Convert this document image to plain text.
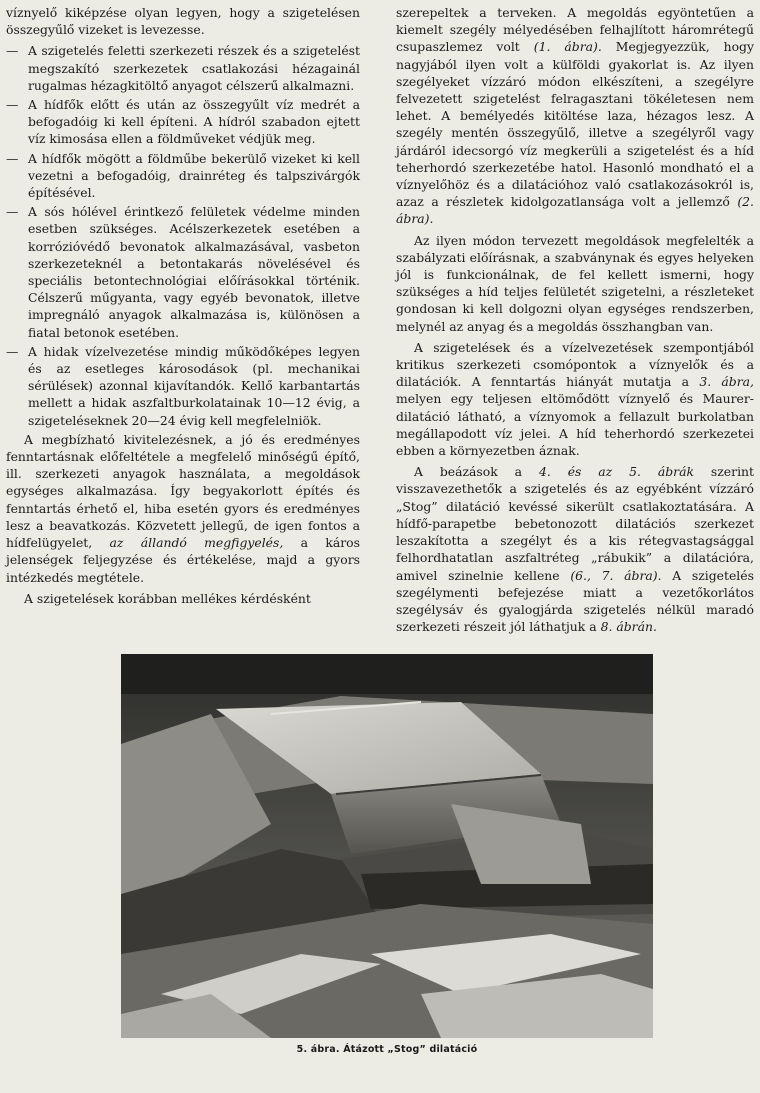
víznyelő kiképzése olyan legyen, hogy a szigetelésen összegyűlő vizeket is levezesse.

— A szigetelés feletti szerkezeti részek és a szigetelést megszakító szerkezetek csatlakozási hézagainál rugalmas hézagkitöltő anyagot célszerű alkalmazni.
— A hídfők előtt és után az összegyűlt víz medrét a befogadóig ki kell építeni. A hídról szabadon ejtett víz kimosása ellen a földműveket védjük meg.
— A hídfők mögött a földműbe bekerülő vizeket ki kell vezetni a befogadóig, drainréteg és talpszivárgók építésével.
— A sós hólével érintkező felületek védelme minden esetben szükséges. Acélszerkezetek esetében a korrózióvédő bevonatok alkalmazásával, vasbeton szerkezeteknél a betontakarás növelésével és speciális betontechnológiai előírásokkal történik. Célszerű műgyanta, vagy egyéb bevonatok, illetve impregnáló anyagok alkalmazása is, különösen a fiatal betonok esetében.
— A hidak vízelvezetése mindig működőképes legyen és az esetleges károsodások (pl. mechanikai sérülések) azonnal kijavítandók. Kellő karbantartás mellett a hidak aszfaltburkolatainak 10—12 évig, a szigeteléseknek 20—24 évig kell megfelelniök.

A megbízható kivitelezésnek, a jó és eredményes fenntartásnak előfeltétele a megfelelő minőségű építő, ill. szerkezeti anyagok használata, a megoldások egységes alkalmazása. Így begyakorlott építés és fenntartás érhető el, hiba esetén gyors és eredményes lesz a beavatkozás. Közvetett jellegű, de igen fontos a hídfelügyelet, az állandó megfigyelés, a káros jelenségek feljegyzése és értékelése, majd a gyors intézkedés megtétele.

A szigetelések korábban mellékes kérdésként

szerepeltek a terveken. A megoldás egyöntetűen a kiemelt szegély mélyedésében felhajlított háromrétegű csupaszlemez volt (1. ábra). Megjegyezzük, hogy nagyjából ilyen volt a külföldi gyakorlat is. Az ilyen szegélyeket vízzáró módon elkészíteni, a szegélyre felvezetett szigetelést felragasztani tökéletesen nem lehet. A bemélyedés kitöltése laza, hézagos lesz. A szegély mentén összegyűlő, illetve a szegélyről vagy járdáról idecsorgó víz megkerüli a szigetelést és a híd teherhordó szerkezetébe hatol. Hasonló mondható el a víznyelőhöz és a dilatációhoz való csatlakozásokról is, azaz a részletek kidolgozatlansága volt a jellemző (2. ábra).

Az ilyen módon tervezett megoldások megfelelték a szabályzati előírásnak, a szabványnak és egyes helyeken jól is funkcionálnak, de fel kellett ismerni, hogy szükséges a híd teljes felületét szigetelni, a részleteket gondosan ki kell dolgozni olyan egységes rendszerben, melynél az anyag és a megoldás összhangban van.

A szigetelések és a vízelvezetések szempontjából kritikus szerkezeti csomópontok a víznyelők és a dilatációk. A fenntartás hiányát mutatja a 3. ábra, melyen egy teljesen eltömődött víznyelő és Maurer-dilatáció látható, a víznyomok a fellazult burkolatban megállapodott víz jelei. A híd teherhordó szerkezetei ebben a környezetben áznak.

A beázások a 4. és az 5. ábrák szerint visszavezethetők a szigetelés és az egyébként vízzáró „Stog” dilatáció kevéssé sikerült csatlakoztatására. A hídfő-parapetbe bebetonozott dilatációs szerkezet leszakította a szegélyt és a kis rétegvastagsággal felhordhatatlan aszfaltréteg „rábukik” a dilatációra, amivel szinelnie kellene (6., 7. ábra). A szigetelés szegélymenti befejezése miatt a vezetőkorlátos szegélysáv és gyalogjárda szigetelés nélkül maradó szerkezeti részeit jól láthatjuk a 8. ábrán.

5. ábra. Átázott „Stog” dilatáció
